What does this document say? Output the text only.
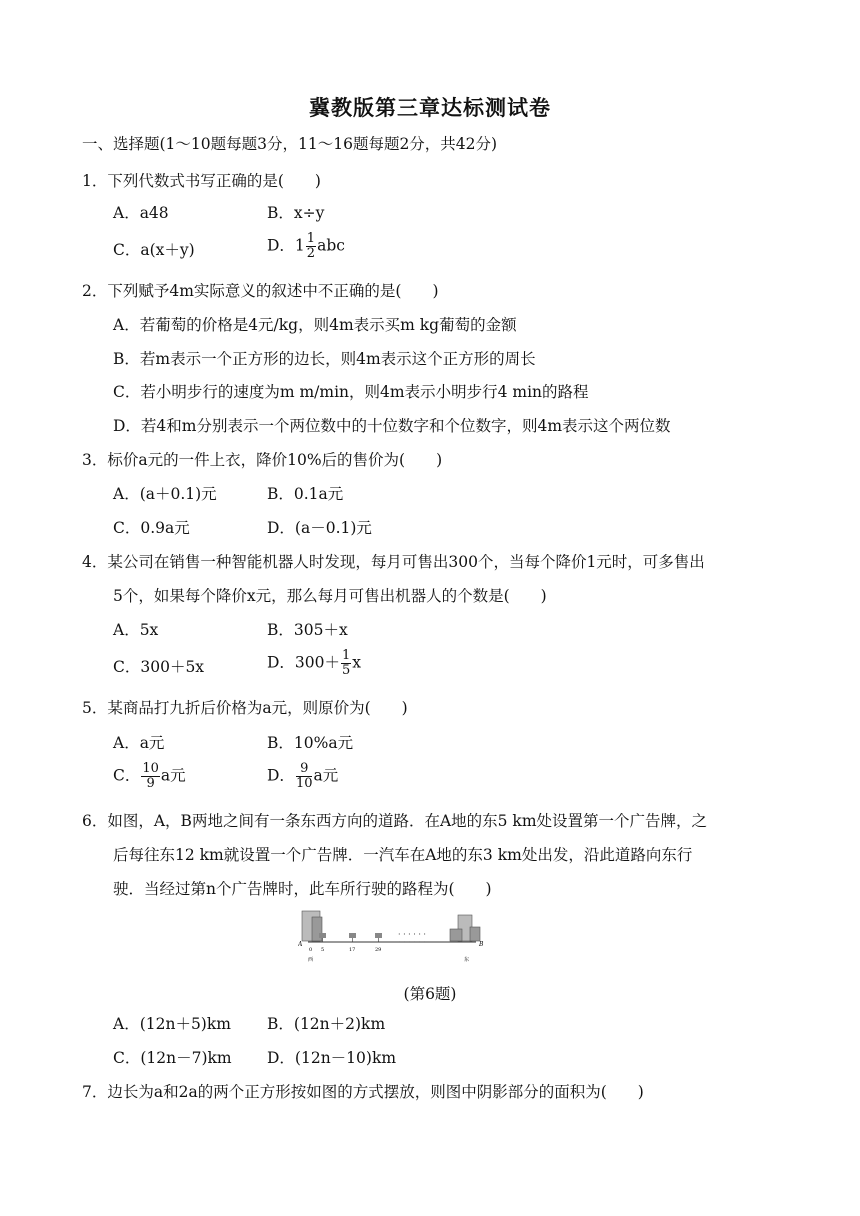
冀教版第三章达标测试卷
一、选择题(1～10题每题3分，11～16题每题2分，共42分)
1．下列代数式书写正确的是(　　)
A．a48	B．x÷y
C．a(x＋y)	D．$1 \frac{1}{2}$ abc
2．下列赋予4m实际意义的叙述中不正确的是(　　)
A．若葡萄的价格是4元/kg，则4m表示买m kg葡萄的金额
B．若m表示一个正方形的边长，则4m表示这个正方形的周长
C．若小明步行的速度为m m/min，则4m表示小明步行4 min的路程
D．若4和m分别表示一个两位数中的十位数字和个位数字，则4m表示这个两位数
3．标价a元的一件上衣，降价10%后的售价为(　　)
A．(a＋0.1)元	B．0.1a元
C．0.9a元	D．(a－0.1)元
4．某公司在销售一种智能机器人时发现，每月可售出300个，当每个降价1元时，可多售出
5个，如果每个降价x元，那么每月可售出机器人的个数是(　　)
A．5x	B．305＋x
C．300＋5x	D．$300+ \frac{1}{5}$ x
5．某商品打九折后价格为a元，则原价为(　　)
A．a元	B．10%a元
C． $\frac{10}{9}$ a元	D． $\frac{9}{10}$ a元
6．如图，A，B两地之间有一条东西方向的道路．在A地的东5 km处设置第一个广告牌，之
后每往东12 km就设置一个广告牌．一汽车在A地的东3 km处出发，沿此道路向东行
驶．当经过第n个广告牌时，此车所行驶的路程为(　　)
· · · · · ·
· · · · · ·
A	B
0 5	17	29
西	东
(第6题)
A．(12n＋5)km B．(12n＋2)km
C．(12n－7)km D．(12n－10)km
7．边长为a和2a的两个正方形按如图的方式摆放，则图中阴影部分的面积为(　　)
